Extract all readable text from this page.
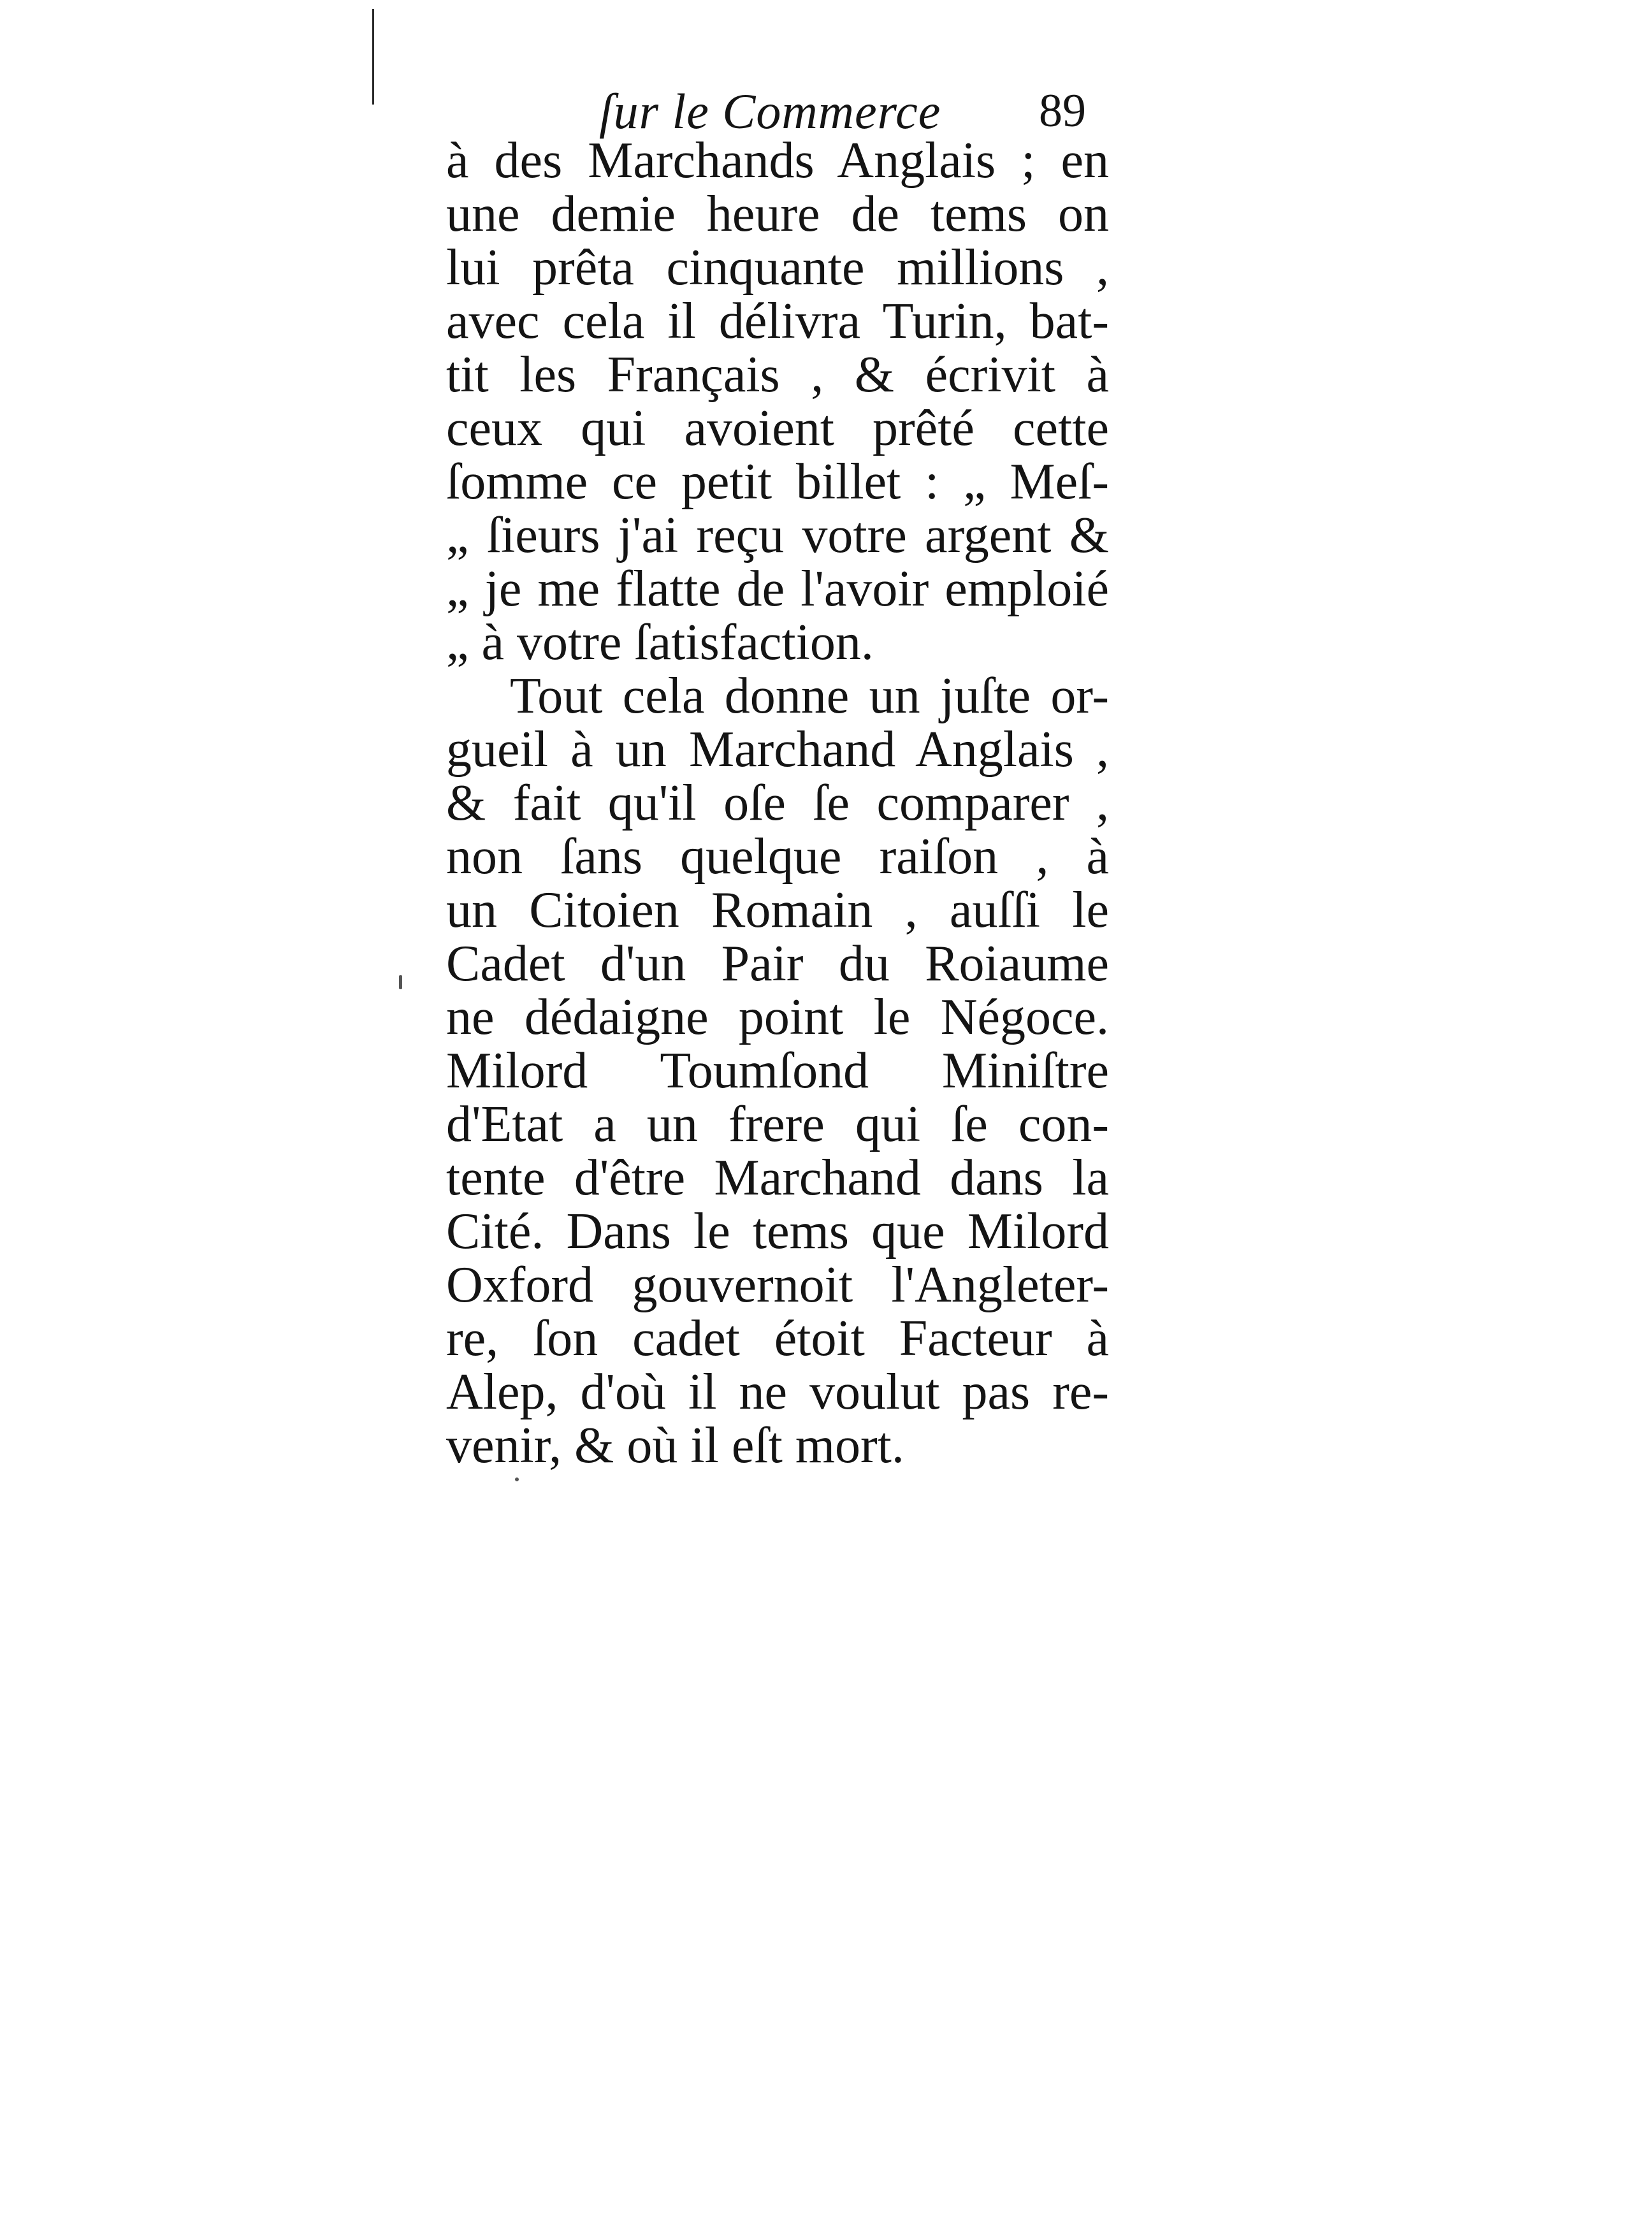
ſur le Commerce 89
à des Marchands Anglais ; en
une demie heure de tems on
lui prêta cinquante millions ,
avec cela il délivra Turin, bat-
tit les Français , & écrivit à
ceux qui avoient prêté cette
ſomme ce petit billet : „ Meſ-
„ ſieurs j'ai reçu votre argent &
„ je me flatte de l'avoir emploié
„ à votre ſatisfaction.
Tout cela donne un juſte or-
gueil à un Marchand Anglais ,
& fait qu'il oſe ſe comparer ,
non ſans quelque raiſon , à
un Citoien Romain , auſſi le
Cadet d'un Pair du Roiaume
ne dédaigne point le Négoce.
Milord Toumſond Miniſtre
d'Etat a un frere qui ſe con-
tente d'être Marchand dans la
Cité. Dans le tems que Milord
Oxford gouvernoit l'Angleter-
re, ſon cadet étoit Facteur à
Alep, d'où il ne voulut pas re-
venir, & où il eſt mort.
